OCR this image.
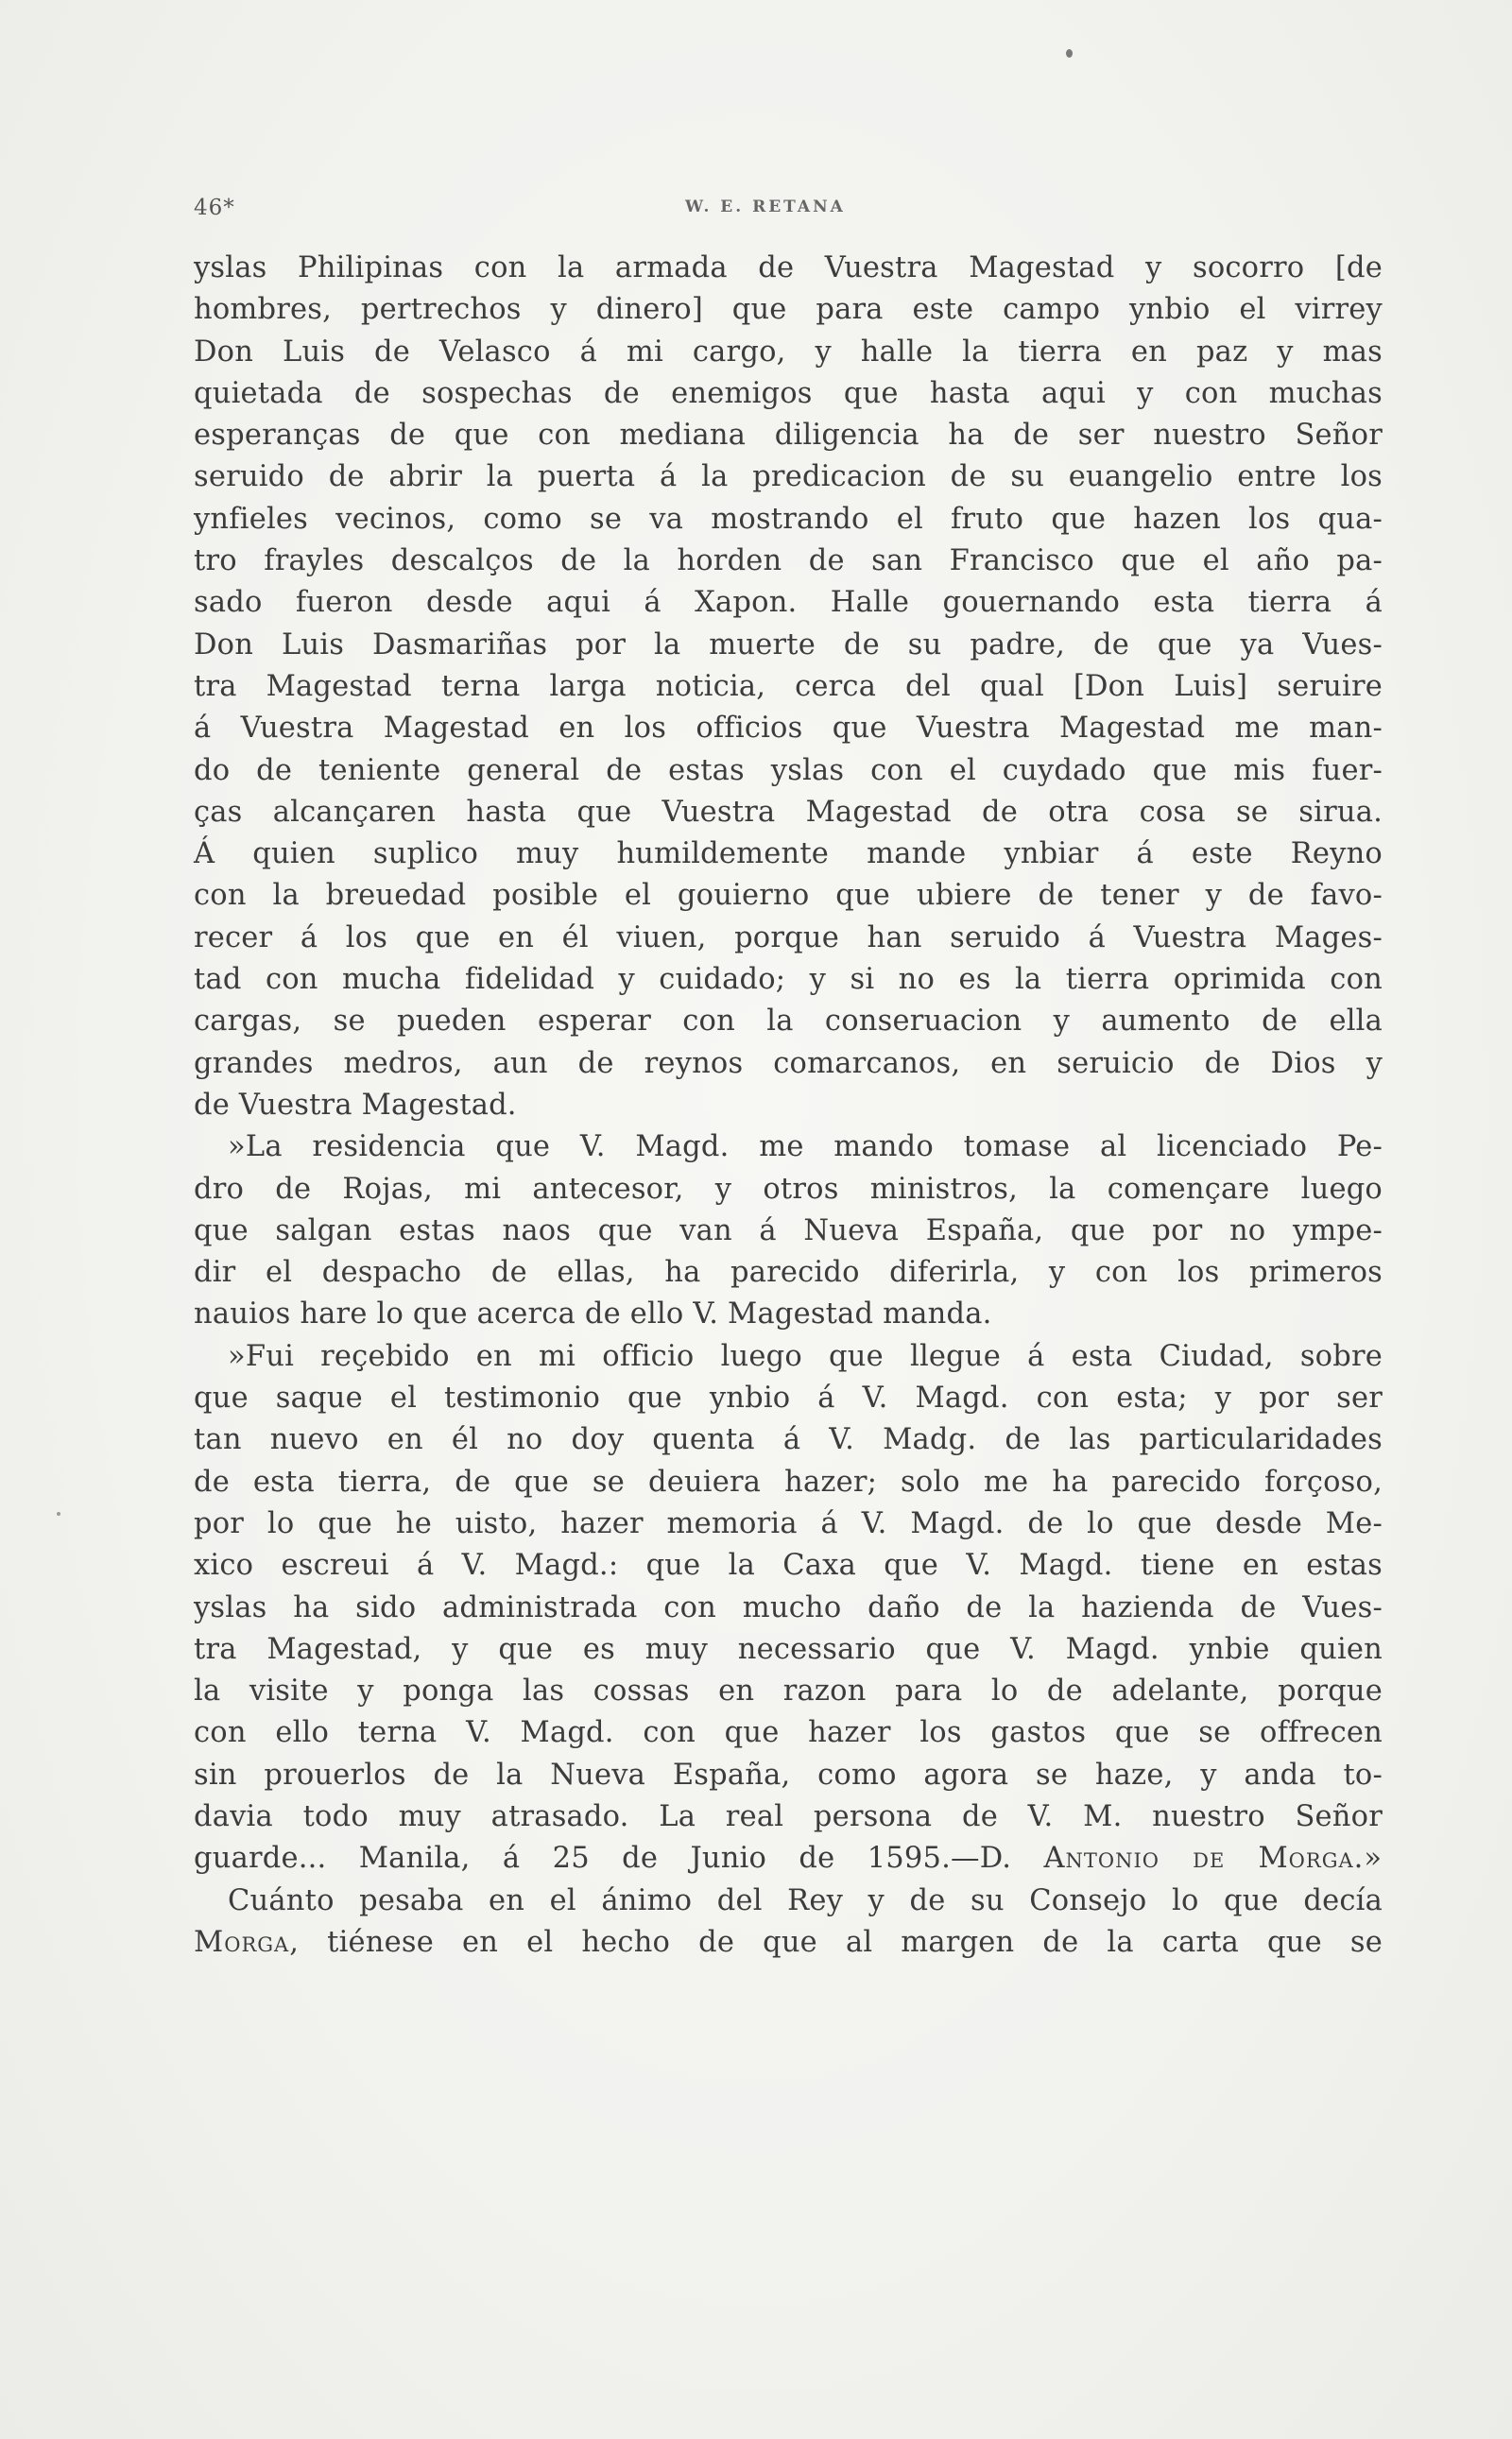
46*	W. E. RETANA
yslas Philipinas con la armada de Vuestra Magestad y socorro [de
hombres, pertrechos y dinero] que para este campo ynbio el virrey
Don Luis de Velasco á mi cargo, y halle la tierra en paz y mas
quietada de sospechas de enemigos que hasta aqui y con muchas
esperanças de que con mediana diligencia ha de ser nuestro Señor
seruido de abrir la puerta á la predicacion de su euangelio entre los
ynfieles vecinos, como se va mostrando el fruto que hazen los qua-
tro frayles descalços de la horden de san Francisco que el año pa-
sado fueron desde aqui á Xapon. Halle gouernando esta tierra á
Don Luis Dasmariñas por la muerte de su padre, de que ya Vues-
tra Magestad terna larga noticia, cerca del qual [Don Luis] seruire
á Vuestra Magestad en los officios que Vuestra Magestad me man-
do de teniente general de estas yslas con el cuydado que mis fuer-
ças alcançaren hasta que Vuestra Magestad de otra cosa se sirua.
Á quien suplico muy humildemente mande ynbiar á este Reyno
con la breuedad posible el gouierno que ubiere de tener y de favo-
recer á los que en él viuen, porque han seruido á Vuestra Mages-
tad con mucha fidelidad y cuidado; y si no es la tierra oprimida con
cargas, se pueden esperar con la conseruacion y aumento de ella
grandes medros, aun de reynos comarcanos, en seruicio de Dios y
de Vuestra Magestad.
»La residencia que V. Magd. me mando tomase al licenciado Pe-
dro de Rojas, mi antecesor, y otros ministros, la començare luego
que salgan estas naos que van á Nueva España, que por no ympe-
dir el despacho de ellas, ha parecido diferirla, y con los primeros
nauios hare lo que acerca de ello V. Magestad manda.
»Fui reçebido en mi officio luego que llegue á esta Ciudad, sobre
que saque el testimonio que ynbio á V. Magd. con esta; y por ser
tan nuevo en él no doy quenta á V. Madg. de las particularidades
de esta tierra, de que se deuiera hazer; solo me ha parecido forçoso,
por lo que he uisto, hazer memoria á V. Magd. de lo que desde Me-
xico escreui á V. Magd.: que la Caxa que V. Magd. tiene en estas
yslas ha sido administrada con mucho daño de la hazienda de Vues-
tra Magestad, y que es muy necessario que V. Magd. ynbie quien
la visite y ponga las cossas en razon para lo de adelante, porque
con ello terna V. Magd. con que hazer los gastos que se offrecen
sin prouerlos de la Nueva España, como agora se haze, y anda to-
davia todo muy atrasado. La real persona de V. M. nuestro Señor
guarde... Manila, á 25 de Junio de 1595.—D. Antonio de Morga.»
Cuánto pesaba en el ánimo del Rey y de su Consejo lo que decía
Morga, tiénese en el hecho de que al margen de la carta que se
